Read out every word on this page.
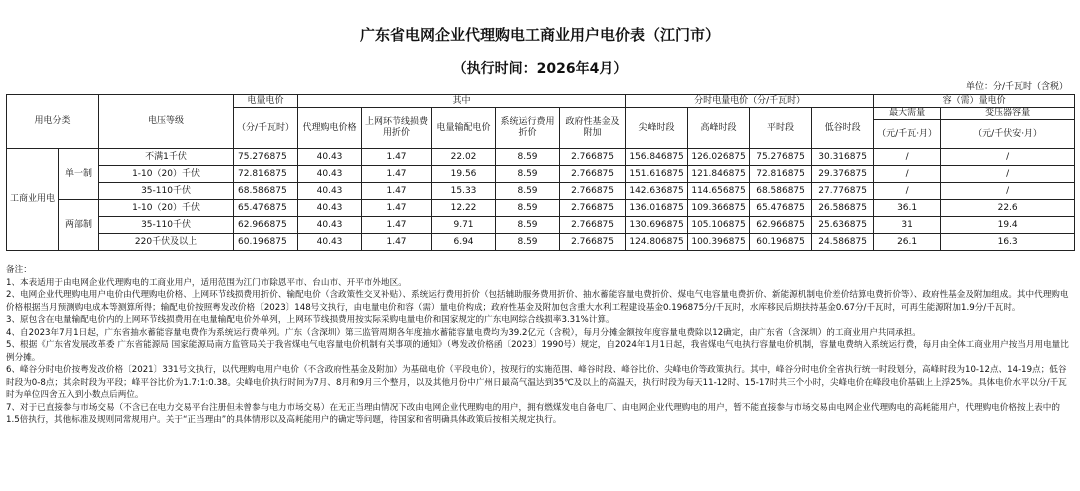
广东省电网企业代理购电工商业用户电价表（江门市）
（执行时间：2026年4月）
单位：分/千瓦时（含税）
用电分类		电压等级	电量电价	其中					分时电量电价（分/千瓦时）				容（需）量电价	
			（分/千瓦时）	代理购电价格	上网环节线损费用折价	电量输配电价	系统运行费用折价	政府性基金及附加	尖峰时段	高峰时段	平时段	低谷时段	最大需量	变压器容量
													（元/千瓦·月）	（元/千伏安·月）
工商业用电	单一制	不满1千伏	75.276875	40.43	1.47	22.02	8.59	2.766875	156.846875	126.026875	75.276875	30.316875	/	/
		1-10（20）千伏	72.816875	40.43	1.47	19.56	8.59	2.766875	151.616875	121.846875	72.816875	29.376875	/	/
		35-110千伏	68.586875	40.43	1.47	15.33	8.59	2.766875	142.636875	114.656875	68.586875	27.776875	/	/
	两部制	1-10（20）千伏	65.476875	40.43	1.47	12.22	8.59	2.766875	136.016875	109.366875	65.476875	26.586875	36.1	22.6
		35-110千伏	62.966875	40.43	1.47	9.71	8.59	2.766875	130.696875	105.106875	62.966875	25.636875	31	19.4
		220千伏及以上	60.196875	40.43	1.47	6.94	8.59	2.766875	124.806875	100.396875	60.196875	24.586875	26.1	16.3
备注：
1、本表适用于由电网企业代理购电的工商业用户，适用范围为江门市除恩平市、台山市、开平市外地区。
2、电网企业代理购电用户电价由代理购电价格、上网环节线损费用折价、输配电价（含政策性交叉补贴）、系统运行费用折价（包括辅助服务费用折价、抽水蓄能容量电费折价、煤电气电容量电费折价、新能源机制电价差价结算电费折价等）、政府性基金及附加组成。其中代理购电价格根据当月预测购电成本等测算所得；输配电价按照粤发改价格〔2023〕148号文执行，由电量电价和容（需）量电价构成；政府性基金及附加包含重大水利工程建设基金0.196875分/千瓦时，水库移民后期扶持基金0.67分/千瓦时，可再生能源附加1.9分/千瓦时。
3、原包含在电量输配电价内的上网环节线损费用在电量输配电价外单列，上网环节线损费用按实际采购电量电价和国家规定的广东电网综合线损率3.31%计算。
4、自2023年7月1日起，广东省抽水蓄能容量电费作为系统运行费单列。广东（含深圳）第三监管周期各年度抽水蓄能容量电费均为39.2亿元（含税），每月分摊金额按年度容量电费除以12确定，由广东省（含深圳）的工商业用户共同承担。
5、根据《广东省发展改革委 广东省能源局 国家能源局南方监管局关于我省煤电气电容量电价机制有关事项的通知》（粤发改价格函〔2023〕1990号）规定，自2024年1月1日起，我省煤电气电执行容量电价机制，容量电费纳入系统运行费，每月由全体工商业用户按当月用电量比例分摊。
6、峰谷分时电价按粤发改价格〔2021〕331号文执行，以代理购电用户电价（不含政府性基金及附加）为基础电价（平段电价），按现行的实施范围、峰谷时段、峰谷比价、尖峰电价等政策执行。其中，峰谷分时电价全省执行统一时段划分，高峰时段为10-12点、14-19点；低谷时段为0-8点；其余时段为平段；峰平谷比价为1.7:1:0.38。尖峰电价执行时间为7月、8月和9月三个整月，以及其他月份中广州日最高气温达到35℃及以上的高温天，执行时段为每天11-12时、15-17时共三个小时，尖峰电价在峰段电价基础上上浮25%。具体电价水平以分/千瓦时为单位四舍五入到小数点后两位。
7、对于已直接参与市场交易（不含已在电力交易平台注册但未曾参与电力市场交易）在无正当理由情况下改由电网企业代理购电的用户，拥有燃煤发电自备电厂、由电网企业代理购电的用户，暂不能直接参与市场交易由电网企业代理购电的高耗能用户，代理购电价格按上表中的1.5倍执行，其他标准及规则同常规用户。关于“正当理由”的具体情形以及高耗能用户的确定等问题，待国家和省明确具体政策后按相关规定执行。
